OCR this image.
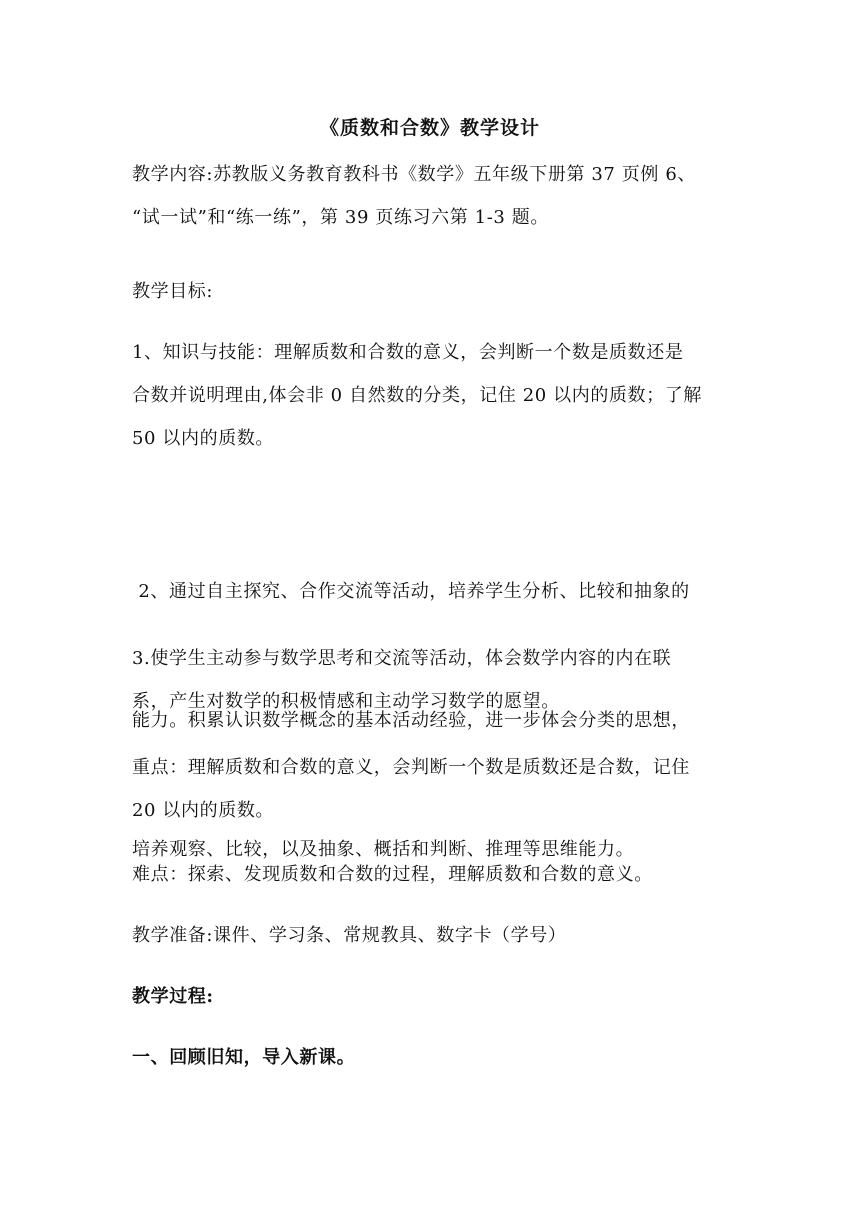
《质数和合数》教学设计

教学内容:苏教版义务教育教科书《数学》五年级下册第 37 页例 6、
“试一试”和“练一练”，第 39 页练习六第 1-3 题。

教学目标:

1、知识与技能：理解质数和合数的意义，会判断一个数是质数还是
合数并说明理由,体会非 0 自然数的分类，记住 20 以内的质数；了解
50 以内的质数。

2、通过自主探究、合作交流等活动，培养学生分析、比较和抽象的

能力。积累认识数学概念的基本活动经验，进一步体会分类的思想，

培养观察、比较，以及抽象、概括和判断、推理等思维能力。

3.使学生主动参与数学思考和交流等活动，体会数学内容的内在联
系，产生对数学的积极情感和主动学习数学的愿望。

重点：理解质数和合数的意义，会判断一个数是质数还是合数，记住
20 以内的质数。

难点：探索、发现质数和合数的过程，理解质数和合数的意义。

教学准备:课件、学习条、常规教具、数字卡（学号）

教学过程:

一、回顾旧知，导入新课。
